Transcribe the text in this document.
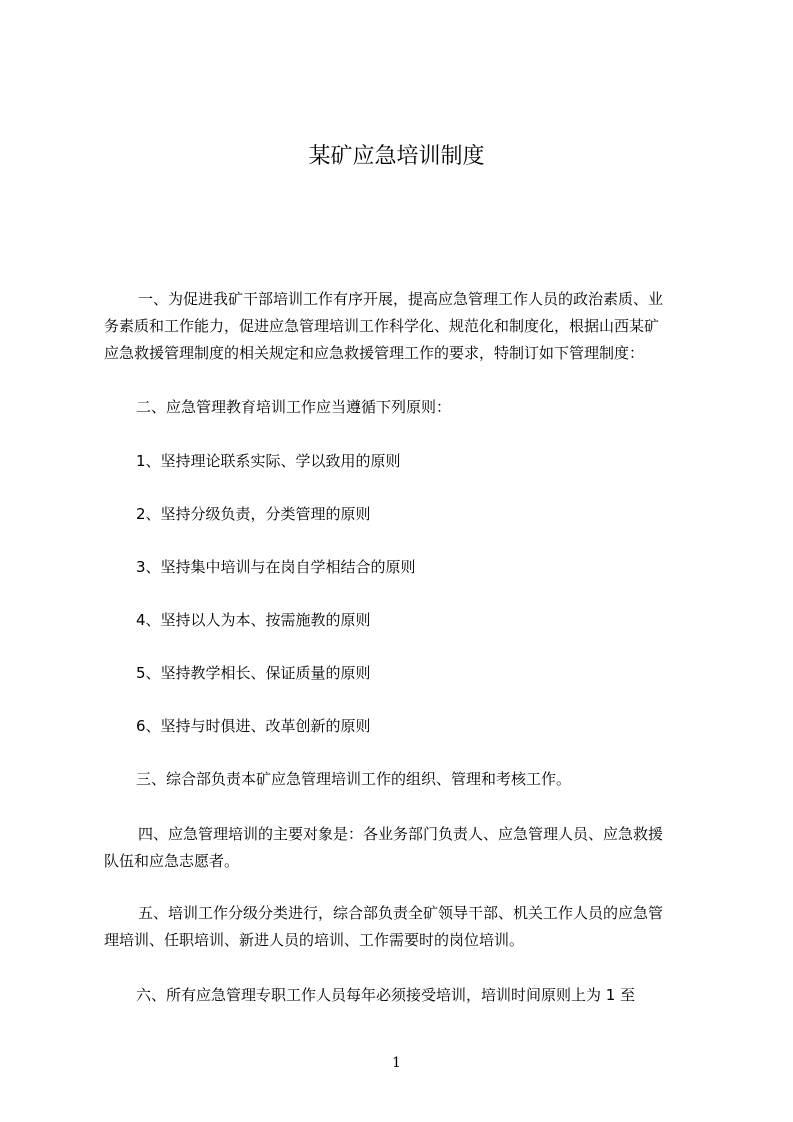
某矿应急培训制度
一、为促进我矿干部培训工作有序开展，提高应急管理工作人员的政治素质、业
务素质和工作能力，促进应急管理培训工作科学化、规范化和制度化，根据山西某矿
应急救援管理制度的相关规定和应急救援管理工作的要求，特制订如下管理制度：
二、应急管理教育培训工作应当遵循下列原则：
1、坚持理论联系实际、学以致用的原则
2、坚持分级负责，分类管理的原则
3、坚持集中培训与在岗自学相结合的原则
4、坚持以人为本、按需施教的原则
5、坚持教学相长、保证质量的原则
6、坚持与时俱进、改革创新的原则
三、综合部负责本矿应急管理培训工作的组织、管理和考核工作。
四、应急管理培训的主要对象是：各业务部门负责人、应急管理人员、应急救援
队伍和应急志愿者。
五、培训工作分级分类进行，综合部负责全矿领导干部、机关工作人员的应急管
理培训、任职培训、新进人员的培训、工作需要时的岗位培训。
六、所有应急管理专职工作人员每年必须接受培训，培训时间原则上为 1 至
1
